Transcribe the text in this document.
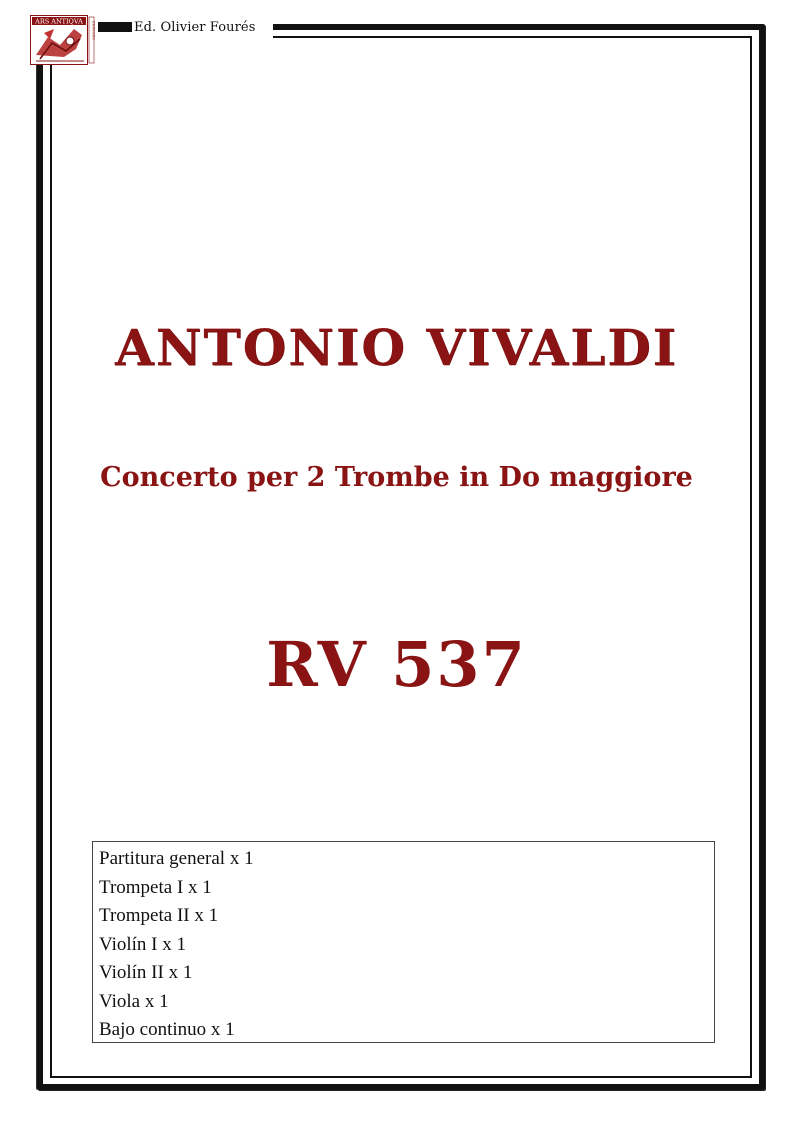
ARS ANTIQVA EDITIONS	Ed. Olivier Fourés
ANTONIO VIVALDI
Concerto per 2 Trombe in Do maggiore
RV 537
Partitura general x 1
Trompeta I x 1
Trompeta II x 1
Violín I x 1
Violín II x 1
Viola x 1
Bajo continuo x 1
